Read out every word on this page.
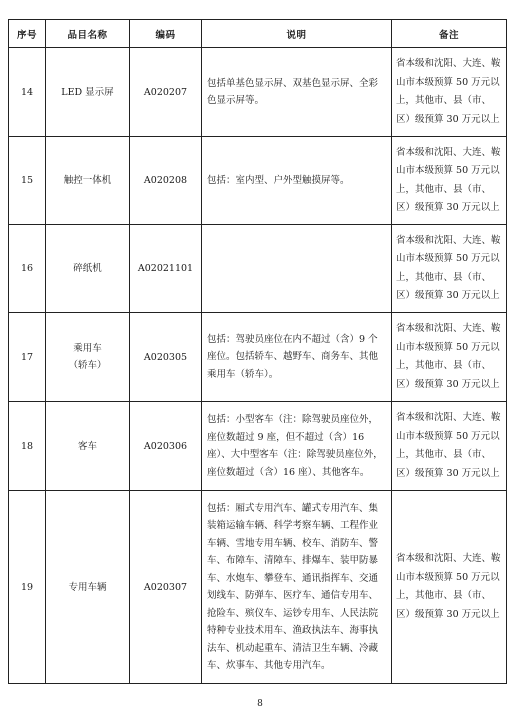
序号	品目名称	编码	说明	备注
14	LED 显示屏	A020207	包括单基色显示屏、双基色显示屏、全彩色显示屏等。	省本级和沈阳、大连、鞍山市本级预算 50 万元以上，其他市、县（市、区）级预算 30 万元以上
15	触控一体机	A020208	包括：室内型、户外型触摸屏等。	省本级和沈阳、大连、鞍山市本级预算 50 万元以上，其他市、县（市、区）级预算 30 万元以上
16	碎纸机	A02021101		省本级和沈阳、大连、鞍山市本级预算 50 万元以上，其他市、县（市、区）级预算 30 万元以上
17	乘用车
（轿车）	A020305	包括：驾驶员座位在内不超过（含）9 个座位。包括轿车、越野车、商务车、其他乘用车（轿车）。	省本级和沈阳、大连、鞍山市本级预算 50 万元以上，其他市、县（市、区）级预算 30 万元以上
18	客车	A020306	包括：小型客车（注：除驾驶员座位外，座位数超过 9 座，但不超过（含）16 座）、大中型客车（注：除驾驶员座位外，座位数超过（含）16 座）、其他客车。	省本级和沈阳、大连、鞍山市本级预算 50 万元以上，其他市、县（市、区）级预算 30 万元以上
19	专用车辆	A020307	包括：厢式专用汽车、罐式专用汽车、集装箱运输车辆、科学考察车辆、工程作业车辆、雪地专用车辆、校车、消防车、警车、布障车、清障车、排爆车、装甲防暴车、水炮车、攀登车、通讯指挥车、交通划线车、防弹车、医疗车、通信专用车、抢险车、殡仪车、运钞专用车、人民法院特种专业技术用车、渔政执法车、海事执法车、机动起重车、清洁卫生车辆、冷藏车、炊事车、其他专用汽车。	省本级和沈阳、大连、鞍山市本级预算 50 万元以上，其他市、县（市、区）级预算 30 万元以上
8
